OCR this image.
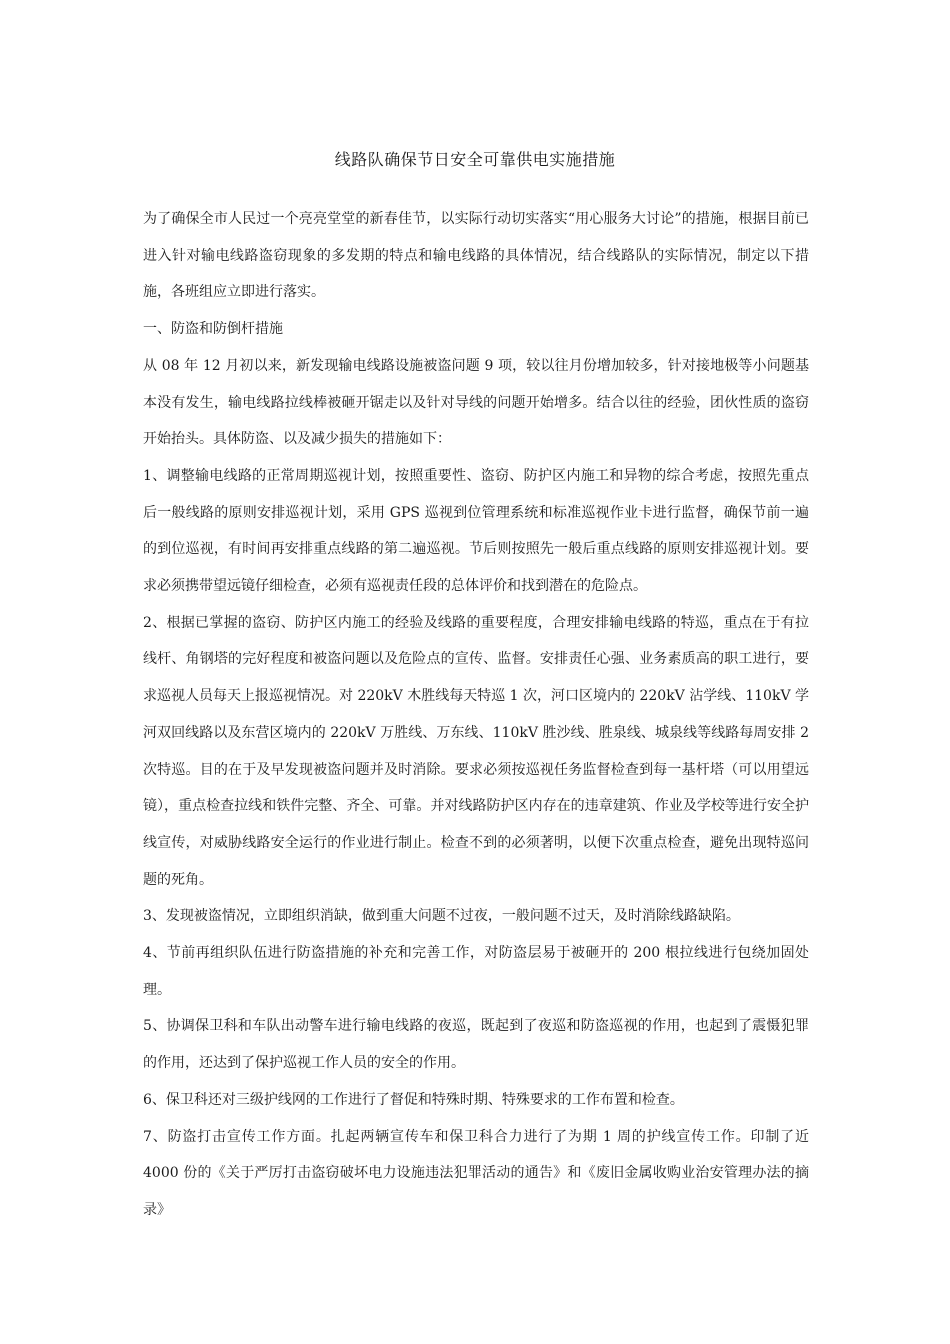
线路队确保节日安全可靠供电实施措施

为了确保全市人民过一个亮亮堂堂的新春佳节，以实际行动切实落实“用心服务大讨论”的措施，根据目前已进入针对输电线路盗窃现象的多发期的特点和输电线路的具体情况，结合线路队的实际情况，制定以下措施，各班组应立即进行落实。

一、防盗和防倒杆措施

从 08 年 12 月初以来，新发现输电线路设施被盗问题 9 项，较以往月份增加较多，针对接地极等小问题基本没有发生，输电线路拉线棒被砸开锯走以及针对导线的问题开始增多。结合以往的经验，团伙性质的盗窃开始抬头。具体防盗、以及减少损失的措施如下：

1、调整输电线路的正常周期巡视计划，按照重要性、盗窃、防护区内施工和异物的综合考虑，按照先重点后一般线路的原则安排巡视计划，采用 GPS 巡视到位管理系统和标准巡视作业卡进行监督，确保节前一遍的到位巡视，有时间再安排重点线路的第二遍巡视。节后则按照先一般后重点线路的原则安排巡视计划。要求必须携带望远镜仔细检查，必须有巡视责任段的总体评价和找到潜在的危险点。

2、根据已掌握的盗窃、防护区内施工的经验及线路的重要程度，合理安排输电线路的特巡，重点在于有拉线杆、角钢塔的完好程度和被盗问题以及危险点的宣传、监督。安排责任心强、业务素质高的职工进行，要求巡视人员每天上报巡视情况。对 220kV 木胜线每天特巡 1 次，河口区境内的 220kV 沾学线、110kV 学河双回线路以及东营区境内的 220kV 万胜线、万东线、110kV 胜沙线、胜泉线、城泉线等线路每周安排 2 次特巡。目的在于及早发现被盗问题并及时消除。要求必须按巡视任务监督检查到每一基杆塔（可以用望远镜），重点检查拉线和铁件完整、齐全、可靠。并对线路防护区内存在的违章建筑、作业及学校等进行安全护线宣传，对威胁线路安全运行的作业进行制止。检查不到的必须著明，以便下次重点检查，避免出现特巡问题的死角。

3、发现被盗情况，立即组织消缺，做到重大问题不过夜，一般问题不过天，及时消除线路缺陷。

4、节前再组织队伍进行防盗措施的补充和完善工作，对防盗层易于被砸开的 200 根拉线进行包绕加固处理。

5、协调保卫科和车队出动警车进行输电线路的夜巡，既起到了夜巡和防盗巡视的作用，也起到了震慑犯罪的作用，还达到了保护巡视工作人员的安全的作用。

6、保卫科还对三级护线网的工作进行了督促和特殊时期、特殊要求的工作布置和检查。

7、防盗打击宣传工作方面。扎起两辆宣传车和保卫科合力进行了为期 1 周的护线宣传工作。印制了近 4000 份的《关于严厉打击盗窃破坏电力设施违法犯罪活动的通告》和《废旧金属收购业治安管理办法的摘录》
